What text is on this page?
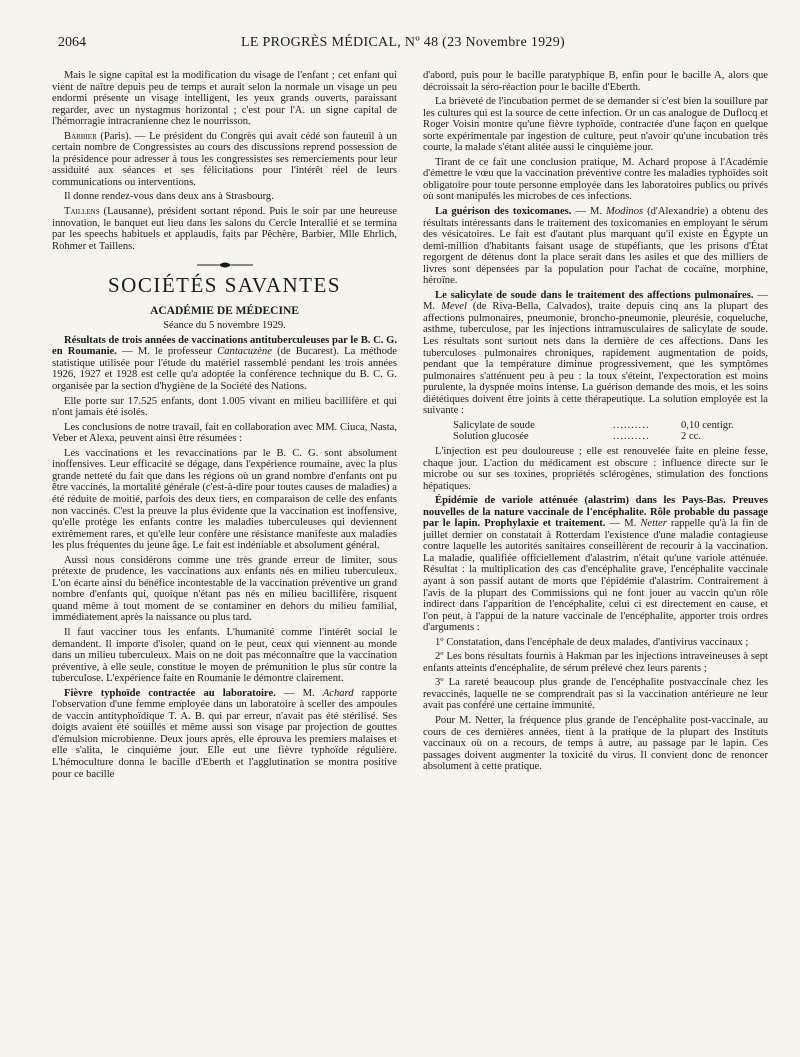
2064	LE PROGRÈS MÉDICAL, Nº 48 (23 Novembre 1929)

Mais le signe capital est la modification du visage de l'enfant ; cet enfant qui vient de naître depuis peu de temps et aurait selon la normale un visage un peu endormi présente un visage intelligent, les yeux grands ouverts, paraissant regarder, avec un nystagmus horizontal ; c'est pour l'A. un signe capital de l'hémorragie intracranienne chez le nourrisson.

Barbier (Paris). — Le président du Congrès qui avait cédé son fauteuil à un certain nombre de Congressistes au cours des discussions reprend possession de la présidence pour adresser à tous les congressistes ses remerciements pour leur assiduité aux séances et ses félicitations pour l'intérêt réel de leurs communications ou interventions.

Il donne rendez-vous dans deux ans à Strasbourg.

Taillens (Lausanne), président sortant répond. Puis le soir par une heureuse innovation, le banquet eut lieu dans les salons du Cercle Interallié et se termina par les speechs habituels et applaudis, faits par Pêchère, Barbier, Mlle Ehrlich, Rohmer et Taillens.

SOCIÉTÉS SAVANTES

ACADÉMIE DE MÉDECINE

Séance du 5 novembre 1929.

Résultats de trois années de vaccinations antituberculeuses par le B. C. G. en Roumanie. — M. le professeur Cantacuzène (de Bucarest). La méthode statistique utilisée pour l'étude du matériel rassemblé pendant les trois années 1926, 1927 et 1928 est celle qu'a adoptée la conférence technique du B. C. G. organisée par la section d'hygiène de la Société des Nations.

Elle porte sur 17.525 enfants, dont 1.005 vivant en milieu bacillifère et qui n'ont jamais été isolés.

Les conclusions de notre travail, fait en collaboration avec MM. Ciuca, Nasta, Veber et Alexa, peuvent ainsi être résumées :

Les vaccinations et les revaccinations par le B. C. G. sont absolument inoffensives. Leur efficacité se dégage, dans l'expérience roumaine, avec la plus grande netteté du fait que dans les régions où un grand nombre d'enfants ont pu être vaccinés, la mortalité générale (c'est-à-dire pour toutes causes de maladies) a été réduite de moitié, parfois des deux tiers, en comparaison de celle des enfants non vaccinés. C'est la preuve la plus évidente que la vaccination est inoffensive, qu'elle protège les enfants contre les maladies tuberculeuses qui deviennent extrêmement rares, et qu'elle leur confère une résistance manifeste aux maladies les plus fréquentes du jeune âge. Le fait est indéniable et absolument général.

Aussi nous considérons comme une très grande erreur de limiter, sous prétexte de prudence, les vaccinations aux enfants nés en milieu tuberculeux. L'on écarte ainsi du bénéfice incontestable de la vaccination préventive un grand nombre d'enfants qui, quoique n'étant pas nés en milieu bacillifère, risquent quand même à tout moment de se contaminer en dehors du milieu familial, immédiatement après la naissance ou plus tard.

Il faut vacciner tous les enfants. L'humanité comme l'intérêt social le demandent. Il importe d'isoler, quand on le peut, ceux qui viennent au monde dans un milieu tuberculeux. Mais on ne doit pas méconnaître que la vaccination préventive, à elle seule, constitue le moyen de prémunition le plus sûr contre la tuberculose. L'expérience faite en Roumanie le démontre clairement.

Fièvre typhoïde contractée au laboratoire. — M. Achard rapporte l'observation d'une femme employée dans un laboratoire à sceller des ampoules de vaccin antityphoïdique T. A. B. qui par erreur, n'avait pas été stérilisé. Ses doigts avaient été souillés et même aussi son visage par projection de gouttes d'émulsion microbienne. Deux jours après, elle éprouva les premiers malaises et elle s'alita, le cinquième jour. Elle eut une fièvre typhoïde régulière. L'hémoculture donna le bacille d'Eberth et l'agglutination se montra positive pour ce bacille

d'abord, puis pour le bacille paratyphique B, enfin pour le bacille A, alors que décroissait la séro-réaction pour le bacille d'Eberth.

La brièveté de l'incubation permet de se demander si c'est bien la souillure par les cultures qui est la source de cette infection. Or un cas analogue de Duflocq et Roger Voisin montre qu'une fièvre typhoïde, contractée d'une façon en quelque sorte expérimentale par ingestion de culture, peut n'avoir qu'une incubation très courte, la malade s'étant alitée aussi le cinquième jour.

Tirant de ce fait une conclusion pratique, M. Achard propose à l'Académie d'émettre le vœu que la vaccination préventive contre les maladies typhoïdes soit obligatoire pour toute personne employée dans les laboratoires publics ou privés où sont manipulés les microbes de ces infections.

La guérison des toxicomanes. — M. Modinos (d'Alexandrie) a obtenu des résultats intéressants dans le traitement des toxicomanies en employant le sérum des vésicatoires. Le fait est d'autant plus marquant qu'il existe en Égypte un demi-million d'habitants faisant usage de stupéfiants, que les prisons d'État regorgent de détenus dont la place serait dans les asiles et que des milliers de livres sont dépensées par la population pour l'achat de cocaïne, morphine, héroïne.

Le salicylate de soude dans le traitement des affections pulmonaires. — M. Mevel (de Riva-Bella, Calvados), traite depuis cinq ans la plupart des affections pulmonaires, pneumonie, broncho-pneumonie, pleurésie, coqueluche, asthme, tuberculose, par les injections intramusculaires de salicylate de soude. Les résultats sont surtout nets dans la dernière de ces affections. Dans les tuberculoses pulmonaires chroniques, rapidement augmentation de poids, pendant que la température diminue progressivement, que les symptômes pulmonaires s'atténuent peu à peu : la toux s'éteint, l'expectoration est moins purulente, la dyspnée moins intense. La guérison demande des mois, et les soins diététiques doivent être joints à cette thérapeutique. La solution employée est la suivante :

Salicylate de soude	..........	0,10 centigr.
Solution glucosée	..........	2 cc.

L'injection est peu douloureuse ; elle est renouvelée faite en pleine fesse, chaque jour. L'action du médicament est obscure : influence directe sur le microbe ou sur ses toxines, propriétés sclérogènes, stimulation des fonctions hépatiques.

Épidémie de variole atténuée (alastrim) dans les Pays-Bas. Preuves nouvelles de la nature vaccinale de l'encéphalite. Rôle probable du passage par le lapin. Prophylaxie et traitement. — M. Netter rappelle qu'à la fin de juillet dernier on constatait à Rotterdam l'existence d'une maladie contagieuse contre laquelle les autorités sanitaires conseillèrent de recourir à la vaccination. La maladie, qualifiée officiellement d'alastrim, n'était qu'une variole atténuée. Résultat : la multiplication des cas d'encéphalite grave, l'encéphalite vaccinale ayant à son passif autant de morts que l'épidémie d'alastrim. Contrairement à l'avis de la plupart des Commissions qui ne font jouer au vaccin qu'un rôle indirect dans l'apparition de l'encéphalite, celui ci est directement en cause, et l'on peut, à l'appui de la nature vaccinale de l'encéphalite, apporter trois ordres d'arguments :

1º Constatation, dans l'encéphale de deux malades, d'antivirus vaccinaux ;

2º Les bons résultats fournis à Hakman par les injections intraveineuses à sept enfants atteints d'encéphalite, de sérum prélevé chez leurs parents ;

3º La rareté beaucoup plus grande de l'encéphalite postvaccinale chez les revaccinés, laquelle ne se comprendrait pas si la vaccination antérieure ne leur avait pas conféré une certaine immunité.

Pour M. Netter, la fréquence plus grande de l'encéphalite post-vaccinale, au cours de ces dernières années, tient à la pratique de la plupart des Instituts vaccinaux où on a recours, de temps à autre, au passage par le lapin. Ces passages doivent augmenter la toxicité du virus. Il convient donc de renoncer absolument à cette pratique.
